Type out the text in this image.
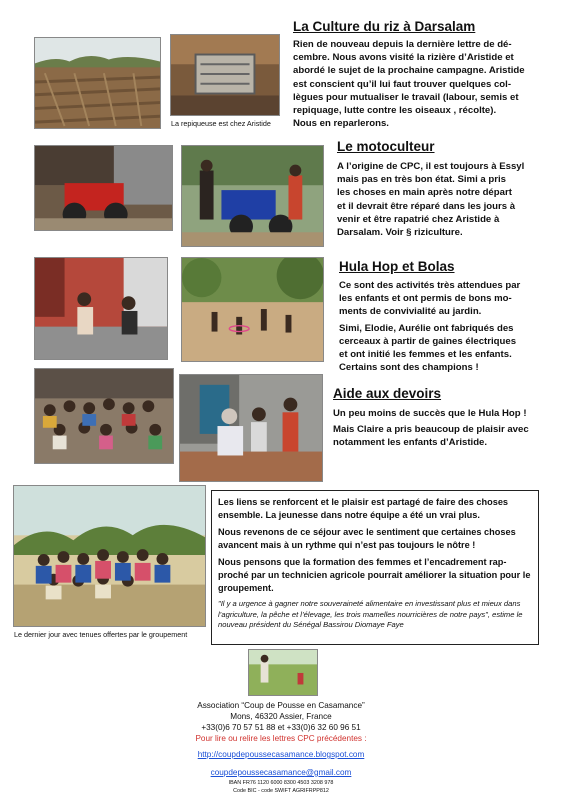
La repiqueuse est chez Aristide
Le dernier jour avec tenues offertes par le groupement
La Culture du riz à Darsalam
Rien de nouveau depuis la dernière lettre de dé-
cembre. Nous avons visité la rizière d’Aristide et
abordé le sujet de la prochaine campagne. Aristide
est conscient qu’il lui faut trouver quelques col-
lègues pour mutualiser le travail (labour, semis et
repiquage, lutte contre les oiseaux , récolte).
Nous en reparlerons.
Le motoculteur
A l’origine de CPC, il est toujours à Essyl
mais pas en très bon état. Simi a pris
les choses en main après notre départ
et il devrait être réparé dans les jours à
venir et être rapatrié chez Aristide à
Darsalam. Voir § riziculture.
Hula Hop et Bolas

Ce sont des activités très attendues par
les enfants et ont permis de bons mo-
ments de convivialité au jardin.

Simi, Elodie, Aurélie ont fabriqués des
cerceaux à partir de gaines électriques
et ont initié les femmes et les enfants.
Certains sont des champions !

Aide aux devoirs

Un peu moins de succès que le Hula Hop !

Mais Claire a pris beaucoup de plaisir avec
notamment les enfants d’Aristide.

Les liens se renforcent et le plaisir est partagé de faire des choses ensemble. La jeunesse dans notre équipe a été un vrai plus.

Nous revenons de ce séjour avec le sentiment que certaines choses avancent mais à un rythme qui n’est pas toujours le nôtre !

Nous pensons que la formation des femmes et l’encadrement rap-proché par un technicien agricole pourrait améliorer la situation pour le groupement.

"Il y a urgence à gagner notre souveraineté alimentaire en investissant plus et mieux dans l’agriculture, la pêche et l’élevage, les trois mamelles nourricières de notre pays", estime le nouveau président du Sénégal Bassirou Diomaye Faye

Association “Coup de Pousse en Casamance”
Mons, 46320 Assier, France
+33(0)6 70 57 51 88 et +33(0)6 32 60 96 51
Pour lire ou relire les lettres CPC précédentes :
http://coupdepoussecasamance.blogspot.com
coupdepoussecasamance@gmail.com
IBAN FR76 1120 6000 8300 4503 3208 978
Code BIC - code SWIFT AGRIFRPP812
